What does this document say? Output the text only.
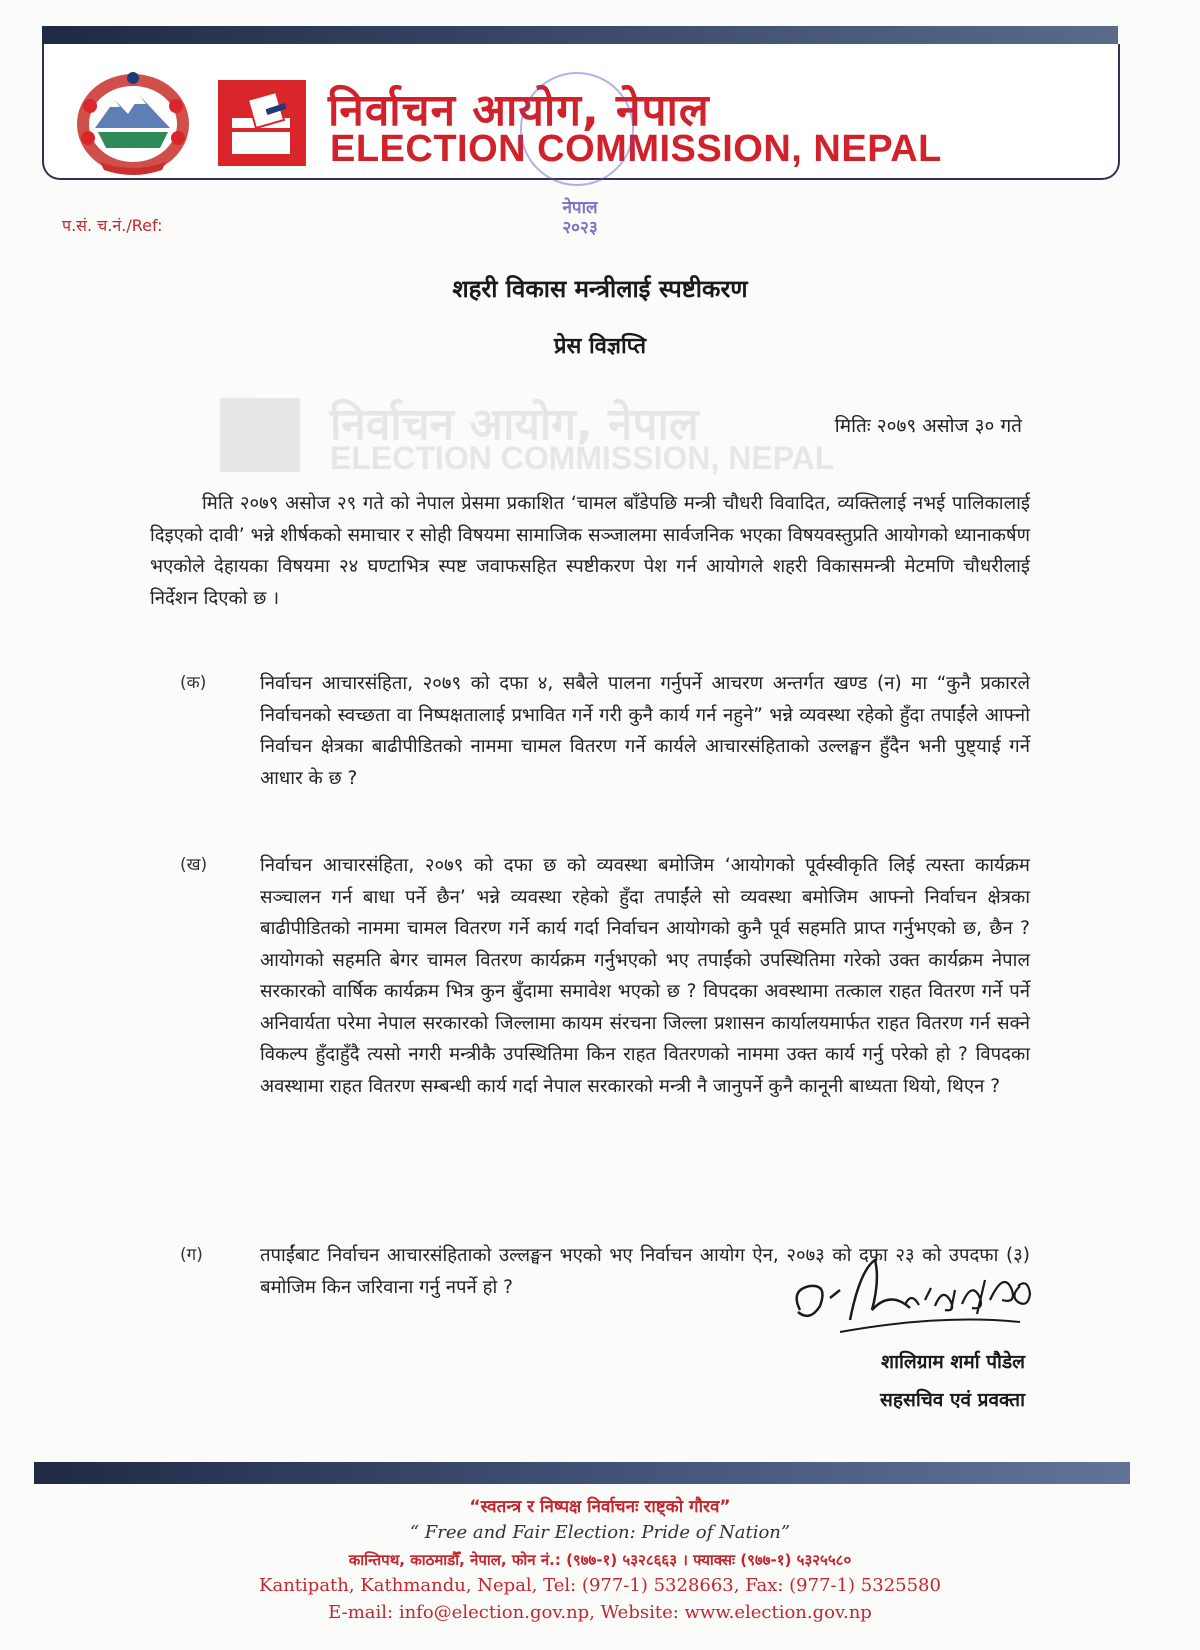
निर्वाचन आयोग, नेपाल
ELECTION COMMISSION, NEPAL
नेपाल
२०२३
प.सं. च.नं./Ref:
शहरी विकास मन्त्रीलाई स्पष्टीकरण
प्रेस विज्ञप्ति
निर्वाचन आयोग, नेपाल
ELECTION COMMISSION, NEPAL
मितिः २०७९ असोज ३० गते
मिति २०७९ असोज २९ गते को नेपाल प्रेसमा प्रकाशित ‘चामल बाँडेपछि मन्त्री चौधरी विवादित, व्यक्तिलाई नभई पालिकालाई दिइएको दावी’ भन्ने शीर्षकको समाचार र सोही विषयमा सामाजिक सञ्जालमा सार्वजनिक भएका विषयवस्तुप्रति आयोगको ध्यानाकर्षण भएकोले देहायका विषयमा २४ घण्टाभित्र स्पष्ट जवाफसहित स्पष्टीकरण पेश गर्न आयोगले शहरी विकासमन्त्री मेटमणि चौधरीलाई निर्देशन दिएको छ ।
(क)	निर्वाचन आचारसंहिता, २०७९ को दफा ४, सबैले पालना गर्नुपर्ने आचरण अन्तर्गत खण्ड (न) मा “कुनै प्रकारले निर्वाचनको स्वच्छता वा निष्पक्षतालाई प्रभावित गर्ने गरी कुनै कार्य गर्न नहुने” भन्ने व्यवस्था रहेको हुँदा तपाईंले आफ्नो निर्वाचन क्षेत्रका बाढीपीडितको नाममा चामल वितरण गर्ने कार्यले आचारसंहिताको उल्लङ्घन हुँदैन भनी पुष्ट्याई गर्ने आधार के छ ?
(ख)	निर्वाचन आचारसंहिता, २०७९ को दफा छ को व्यवस्था बमोजिम ‘आयोगको पूर्वस्वीकृति लिई त्यस्ता कार्यक्रम सञ्चालन गर्न बाधा पर्ने छैन’ भन्ने व्यवस्था रहेको हुँदा तपाईंले सो व्यवस्था बमोजिम आफ्नो निर्वाचन क्षेत्रका बाढीपीडितको नाममा चामल वितरण गर्ने कार्य गर्दा निर्वाचन आयोगको कुनै पूर्व सहमति प्राप्त गर्नुभएको छ, छैन ? आयोगको सहमति बेगर चामल वितरण कार्यक्रम गर्नुभएको भए तपाईंको उपस्थितिमा गरेको उक्त कार्यक्रम नेपाल सरकारको वार्षिक कार्यक्रम भित्र कुन बुँदामा समावेश भएको छ ? विपदका अवस्थामा तत्काल राहत वितरण गर्ने पर्ने अनिवार्यता परेमा नेपाल सरकारको जिल्लामा कायम संरचना जिल्ला प्रशासन कार्यालयमार्फत राहत वितरण गर्न सक्ने विकल्प हुँदाहुँदै त्यसो नगरी मन्त्रीकै उपस्थितिमा किन राहत वितरणको नाममा उक्त कार्य गर्नु परेको हो ? विपदका अवस्थामा राहत वितरण सम्बन्धी कार्य गर्दा नेपाल सरकारको मन्त्री नै जानुपर्ने कुनै कानूनी बाध्यता थियो, थिएन ?
(ग)	तपाईंबाट निर्वाचन आचारसंहिताको उल्लङ्घन भएको भए निर्वाचन आयोग ऐन, २०७३ को दफा २३ को उपदफा (३) बमोजिम किन जरिवाना गर्नु नपर्ने हो ?
शालिग्राम शर्मा पौडेल
सहसचिव एवं प्रवक्ता
“स्वतन्त्र र निष्पक्ष निर्वाचनः राष्ट्को गौरव”
“ Free and Fair Election: Pride of Nation”
कान्तिपथ, काठमाडौँ, नेपाल, फोन नं.: (९७७-१) ५३२८६६३ । फ्याक्सः (९७७-१) ५३२५५८०
Kantipath, Kathmandu, Nepal, Tel: (977-1) 5328663, Fax: (977-1) 5325580
E-mail: info@election.gov.np, Website: www.election.gov.np
